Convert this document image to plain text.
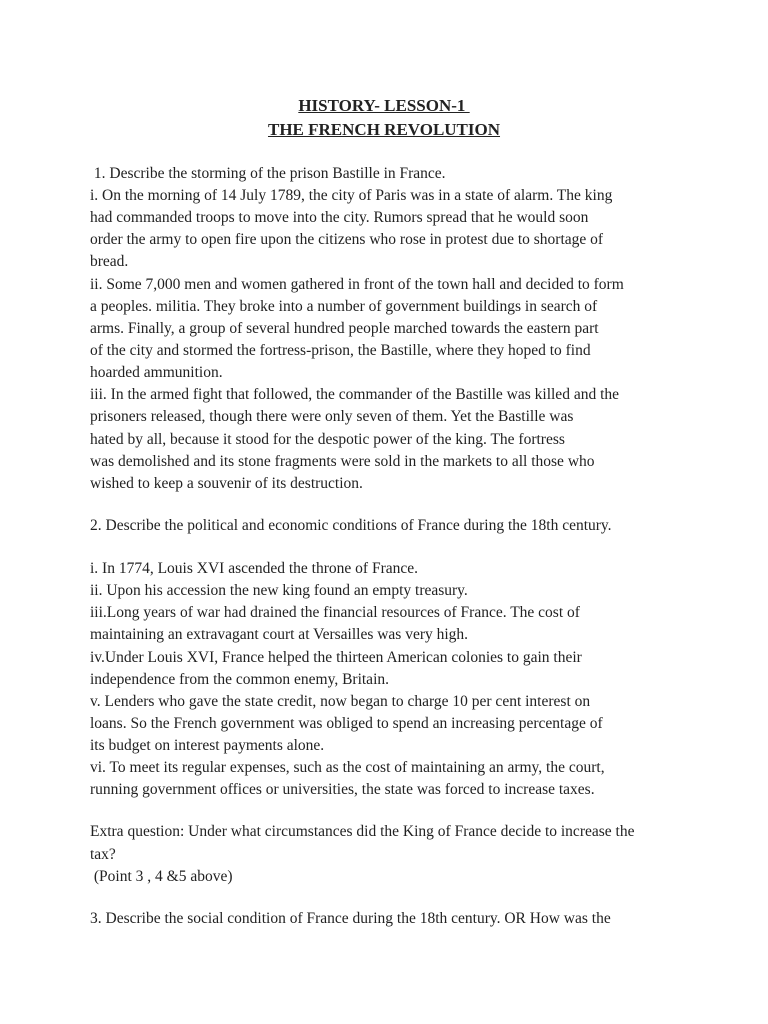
HISTORY- LESSON-1
THE FRENCH REVOLUTION
1. Describe the storming of the prison Bastille in France.
i. On the morning of 14 July 1789, the city of Paris was in a state of alarm. The king
had commanded troops to move into the city. Rumors spread that he would soon
order the army to open fire upon the citizens who rose in protest due to shortage of
bread.
ii. Some 7,000 men and women gathered in front of the town hall and decided to form
a peoples. militia. They broke into a number of government buildings in search of
arms. Finally, a group of several hundred people marched towards the eastern part
of the city and stormed the fortress-prison, the Bastille, where they hoped to find
hoarded ammunition.
iii. In the armed fight that followed, the commander of the Bastille was killed and the
prisoners released, though there were only seven of them. Yet the Bastille was
hated by all, because it stood for the despotic power of the king. The fortress
was demolished and its stone fragments were sold in the markets to all those who
wished to keep a souvenir of its destruction.
2. Describe the political and economic conditions of France during the 18th century.
i. In 1774, Louis XVI ascended the throne of France.
ii. Upon his accession the new king found an empty treasury.
iii.Long years of war had drained the financial resources of France. The cost of
maintaining an extravagant court at Versailles was very high.
iv.Under Louis XVI, France helped the thirteen American colonies to gain their
independence from the common enemy, Britain.
v. Lenders who gave the state credit, now began to charge 10 per cent interest on
loans. So the French government was obliged to spend an increasing percentage of
its budget on interest payments alone.
vi. To meet its regular expenses, such as the cost of maintaining an army, the court,
running government offices or universities, the state was forced to increase taxes.
Extra question: Under what circumstances did the King of France decide to increase the
tax?
(Point 3 , 4 &5 above)
3. Describe the social condition of France during the 18th century. OR How was the
